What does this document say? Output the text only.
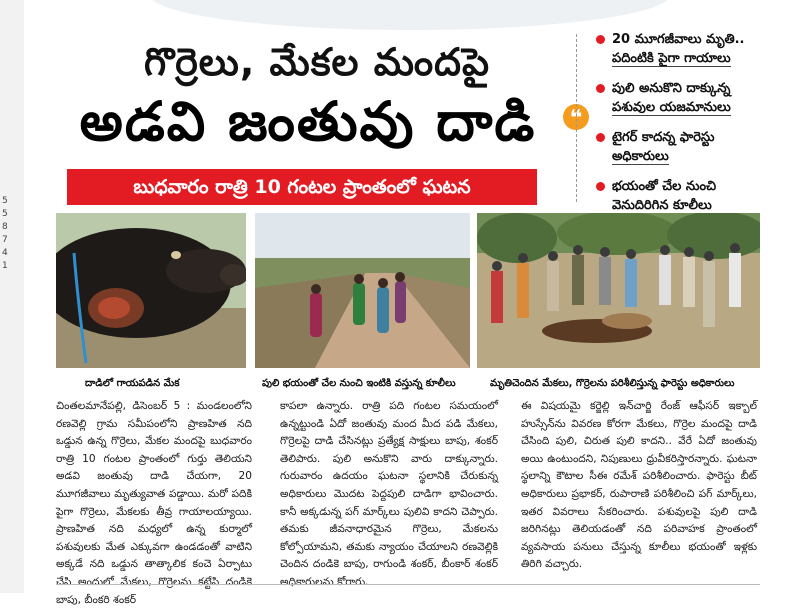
5
5
8
7
4
1
గొర్రెలు, మేకల మందపై
అడవి జంతువు దాడి
బుధవారం రాత్రి 10 గంటల ప్రాంతంలో ఘటన
❝
20 మూగజీవాలు మృతి..
పదింటికి పైగా గాయాలు
పులి అనుకొని దాక్కున్న
పశువుల యజమానులు
టైగర్ కాదన్న ఫారెస్టు
అధికారులు
భయంతో చేల నుంచి
వెనుదిరిగిన కూలీలు
దాడిలో గాయపడిన మేక	పులి భయంతో చేల నుంచి ఇంటికి వస్తున్న కూలీలు	మృతిచెందిన మేకలు, గొర్రెలను పరిశీలిస్తున్న ఫారెస్టు అధికారులు
చింతలమానేపల్లి, డిసెంబర్ 5 : మండలంలోని రణవెల్లి గ్రామ సమీపంలోని ప్రాణహిత నది ఒడ్డున ఉన్న గొర్రెలు, మేకల మందపై బుధవారం రాత్రి 10 గంటల ప్రాంతంలో గుర్తు తెలియని అడవి జంతువు దాడి చేయగా, 20 మూగజీవాలు మృత్యువాత పడ్డాయి. మరో పదికి పైగా గొర్రెలు, మేకలకు తీవ్ర గాయాలయ్యాయి. ప్రాణహిత నది మధ్యలో ఉన్న కుర్మాలో పశువులకు మేత ఎక్కువగా ఉండడంతో వాటిని అక్కడే నది ఒడ్డున తాత్కాలిక కంచె ఏర్పాటు చేసి అందులో మేకలు, గొర్రెలను కట్టేసి దండికె బాపు, బీంకరి శంకర్
కాపలా ఉన్నారు. రాత్రి పది గంటల సమయంలో ఉన్నట్టుండి ఏదో జంతువు మంద మీద పడి మేకలు, గొర్రెలపై దాడి చేసినట్లు ప్రత్యేక్ష సాక్షులు బాపు, శంకర్ తెలిపారు. పులి అనుకొని వారు దాక్కున్నారు. గురువారం ఉదయం ఘటనా స్థలానికి చేరుకున్న అధికారులు మొదట పెద్దపులి దాడిగా భావించారు. కానీ అక్కడున్న పగ్ మార్క్‌లు పులివి కాదని చెప్పారు. తమకు జీవనాధారమైన గొర్రెలు, మేకలను కోల్పోయామని, తమకు న్యాయం చేయాలని రణవెల్లికి చెందిన దండికె బాపు, రాగుండి శంకర్, బీంకార్ శంకర్ అధికారులను కోరారు.
ఈ విషయమై కర్జెల్లి ఇన్‌చార్జి రేంజ్ ఆఫీసర్ ఇక్బాల్ హుస్సేన్‌ను వివరణ కోరగా మేకలు, గొర్రెల మందపై దాడి చేసింది పులి, చిరుత పులి కాదని.. వేరే ఏదో జంతువు అయి ఉంటుందని, నిపుణులు ధ్రువీకరిస్తారన్నారు. ఘటనా స్థలాన్ని కౌటాల సీఈ రమేశ్ పరిశీలించారు. ఫారెస్టు బీట్ అధికారులు ప్రభాకర్, రుపారాణి పరిశీలించి పగ్ మార్క్‌లు, ఇతర వివరాలు సేకరించారు. పశువులపై పులి దాడి జరిగినట్లు తెలియడంతో నది పరివాహక ప్రాంతంలో వ్యవసాయ పనులు చేస్తున్న కూలీలు భయంతో ఇళ్లకు తిరిగి వచ్చారు.
